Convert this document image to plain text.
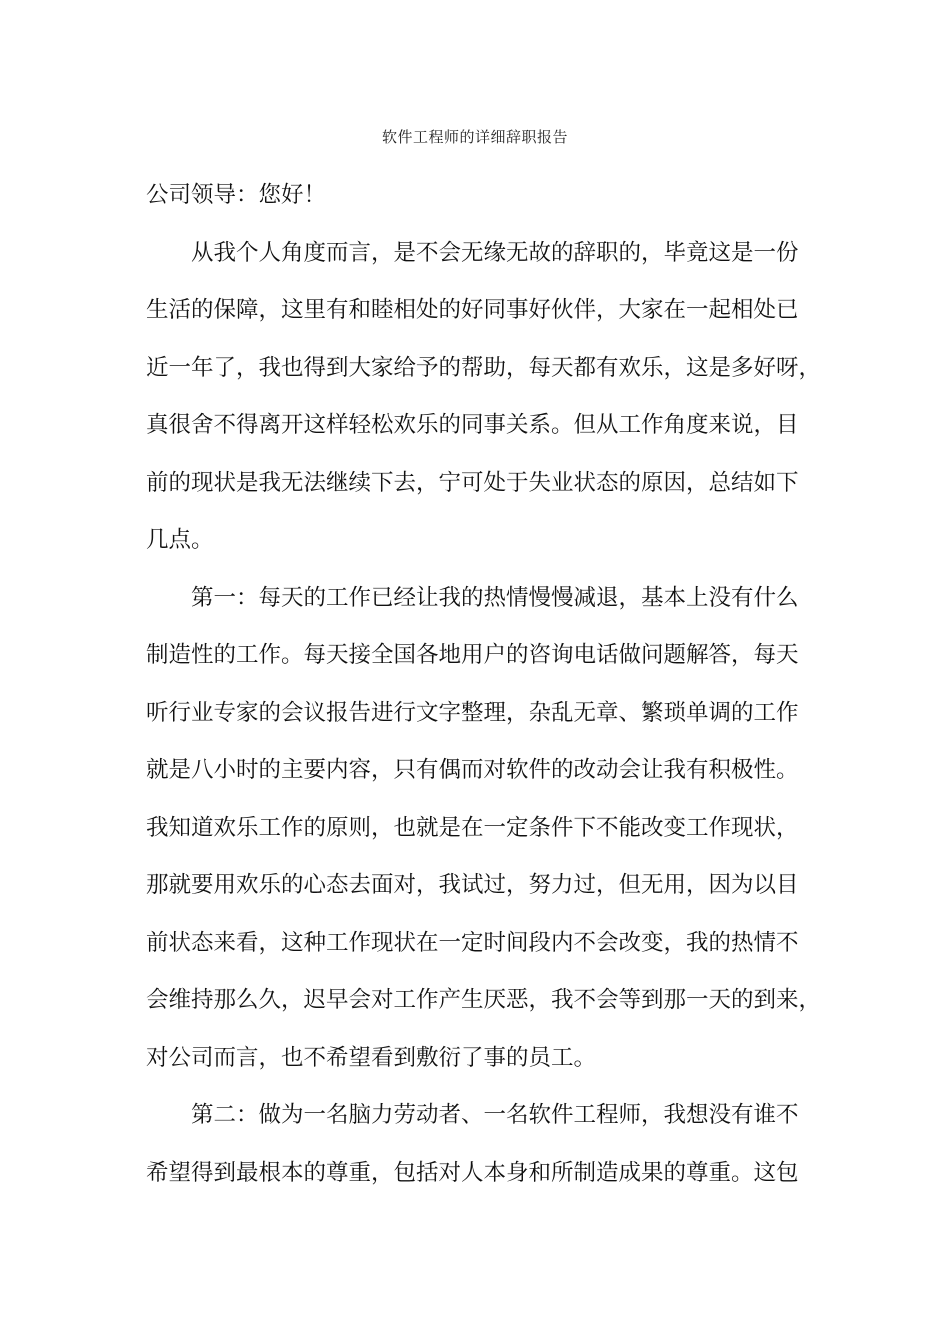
软件工程师的详细辞职报告
公司领导：您好！
从我个人角度而言，是不会无缘无故的辞职的，毕竟这是一份
生活的保障，这里有和睦相处的好同事好伙伴，大家在一起相处已
近一年了，我也得到大家给予的帮助，每天都有欢乐，这是多好呀，
真很舍不得离开这样轻松欢乐的同事关系。但从工作角度来说，目
前的现状是我无法继续下去，宁可处于失业状态的原因，总结如下
几点。
第一：每天的工作已经让我的热情慢慢减退，基本上没有什么
制造性的工作。每天接全国各地用户的咨询电话做问题解答，每天
听行业专家的会议报告进行文字整理，杂乱无章、繁琐单调的工作
就是八小时的主要内容，只有偶而对软件的改动会让我有积极性。
我知道欢乐工作的原则，也就是在一定条件下不能改变工作现状，
那就要用欢乐的心态去面对，我试过，努力过，但无用，因为以目
前状态来看，这种工作现状在一定时间段内不会改变，我的热情不
会维持那么久，迟早会对工作产生厌恶，我不会等到那一天的到来，
对公司而言，也不希望看到敷衍了事的员工。
第二：做为一名脑力劳动者、一名软件工程师，我想没有谁不
希望得到最根本的尊重，包括对人本身和所制造成果的尊重。这包
